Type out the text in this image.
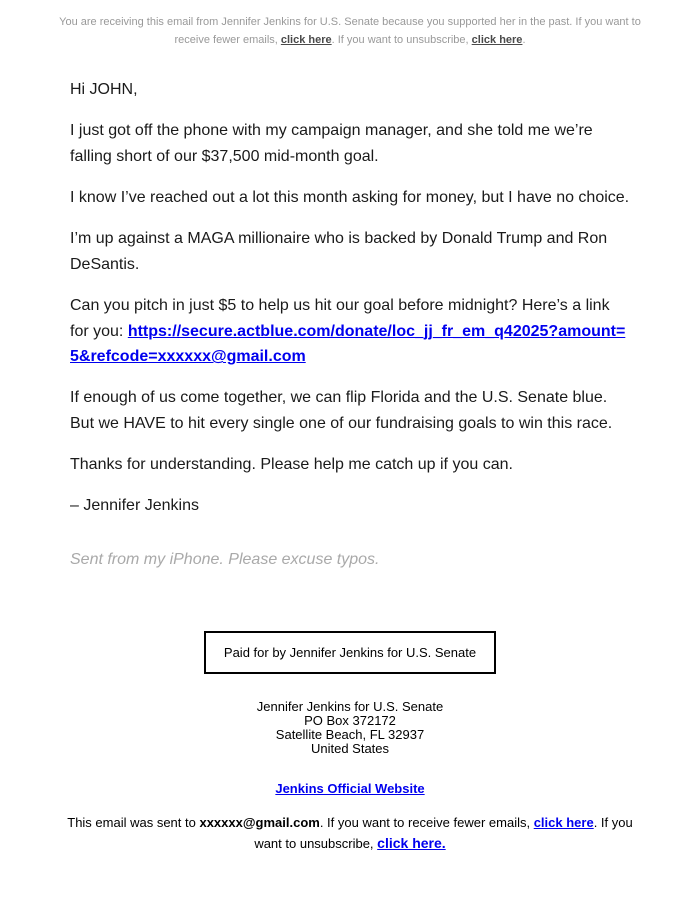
You are receiving this email from Jennifer Jenkins for U.S. Senate because you supported her in the past. If you want to receive fewer emails, click here. If you want to unsubscribe, click here.

Hi JOHN,

I just got off the phone with my campaign manager, and she told me we’re falling short of our $37,500 mid-month goal.

I know I’ve reached out a lot this month asking for money, but I have no choice.

I’m up against a MAGA millionaire who is backed by Donald Trump and Ron DeSantis.

Can you pitch in just $5 to help us hit our goal before midnight? Here’s a link for you: https://secure.actblue.com/donate/loc_jj_fr_em_q42025?amount=5&refcode=xxxxxx@gmail.com

If enough of us come together, we can flip Florida and the U.S. Senate blue. But we HAVE to hit every single one of our fundraising goals to win this race.

Thanks for understanding. Please help me catch up if you can.

– Jennifer Jenkins

Sent from my iPhone. Please excuse typos.

Paid for by Jennifer Jenkins for U.S. Senate
Jennifer Jenkins for U.S. Senate
PO Box 372172
Satellite Beach, FL 32937
United States
Jenkins Official Website
This email was sent to xxxxxx@gmail.com. If you want to receive fewer emails, click here. If you want to unsubscribe, click here.
